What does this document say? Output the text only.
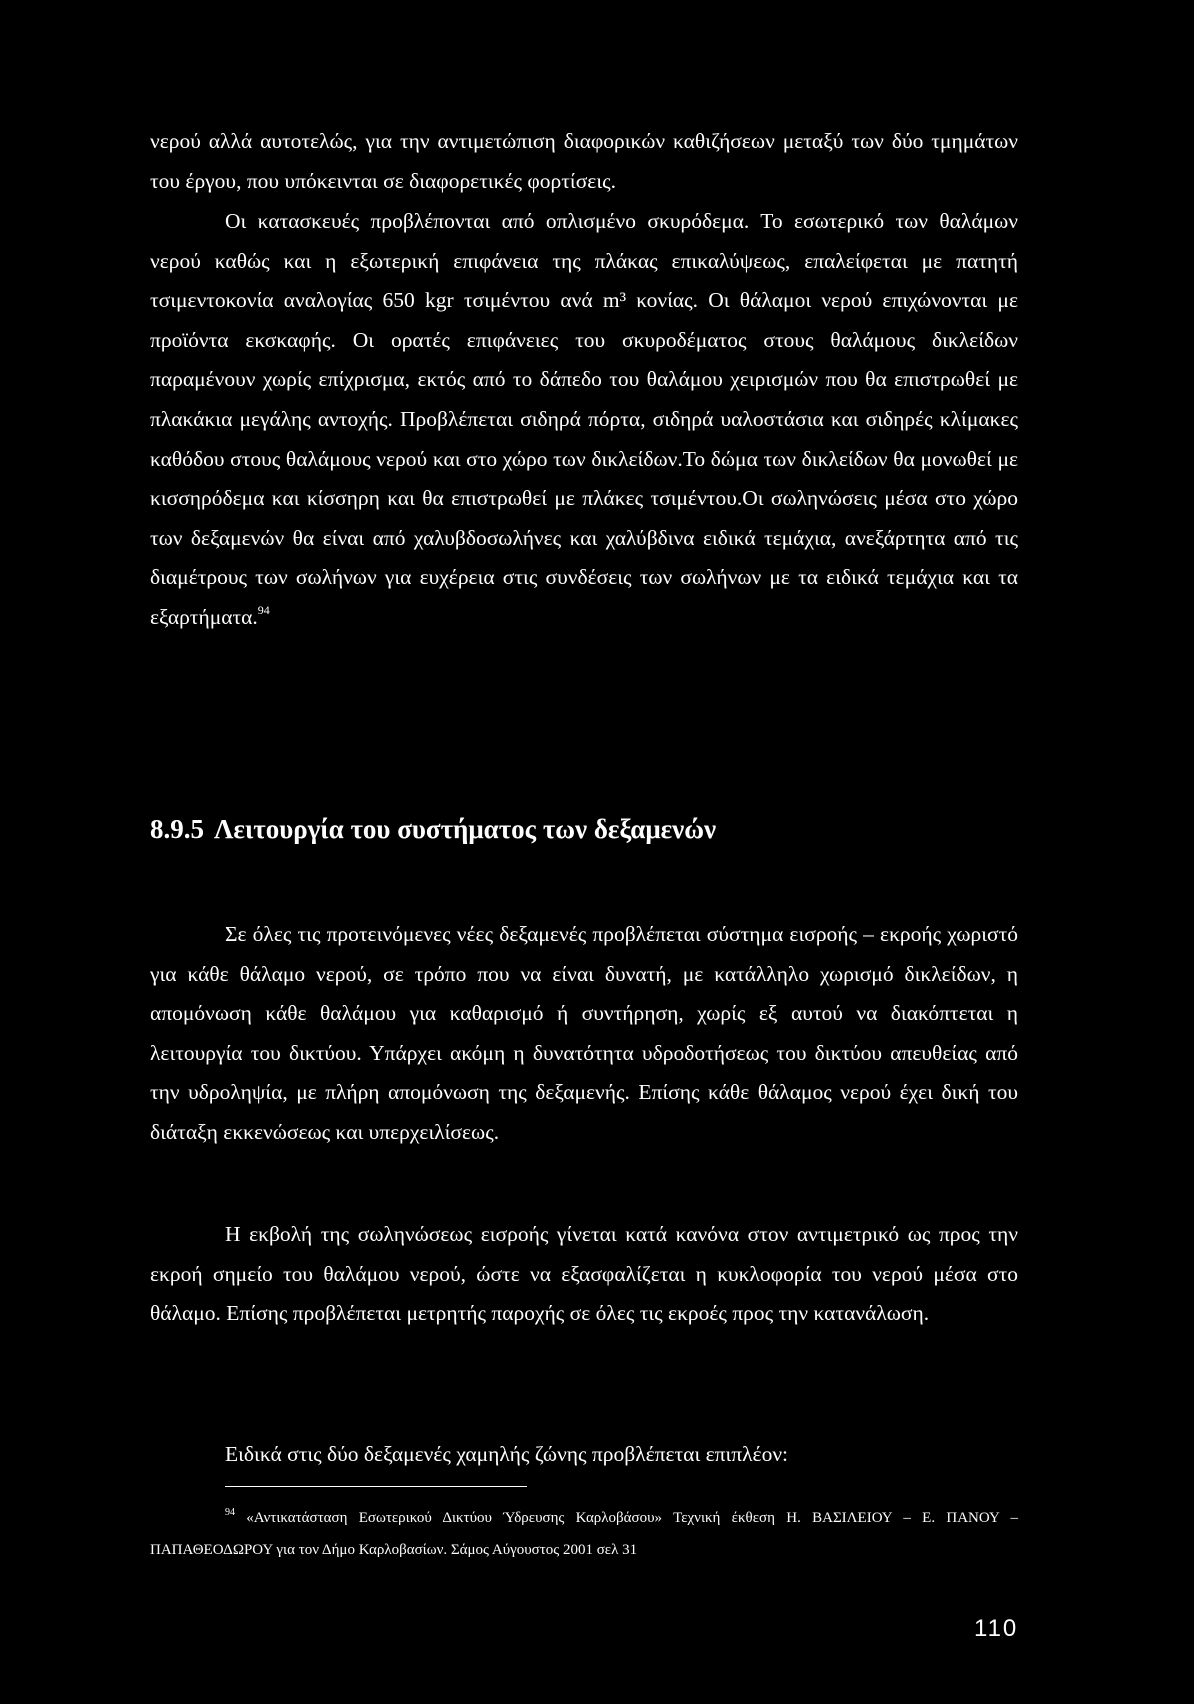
νερού αλλά αυτοτελώς, για την αντιμετώπιση διαφορικών καθιζήσεων μεταξύ των δύο τμημάτων του έργου, που υπόκεινται σε διαφορετικές φορτίσεις.

Οι κατασκευές προβλέπονται από οπλισμένο σκυρόδεμα. Το εσωτερικό των θαλάμων νερού καθώς και η εξωτερική επιφάνεια της πλάκας επικαλύψεως, επαλείφεται με πατητή τσιμεντοκονία αναλογίας 650 kgr τσιμέντου ανά m³ κονίας. Οι θάλαμοι νερού επιχώνονται με προϊόντα εκσκαφής. Οι ορατές επιφάνειες του σκυροδέματος στους θαλάμους δικλείδων παραμένουν χωρίς επίχρισμα, εκτός από το δάπεδο του θαλάμου χειρισμών που θα επιστρωθεί με πλακάκια μεγάλης αντοχής. Προβλέπεται σιδηρά πόρτα, σιδηρά υαλοστάσια και σιδηρές κλίμακες καθόδου στους θαλάμους νερού και στο χώρο των δικλείδων.Το δώμα των δικλείδων θα μονωθεί με κισσηρόδεμα και κίσσηρη και θα επιστρωθεί με πλάκες τσιμέντου.Οι σωληνώσεις μέσα στο χώρο των δεξαμενών θα είναι από χαλυβδοσωλήνες και χαλύβδινα ειδικά τεμάχια, ανεξάρτητα από τις διαμέτρους των σωλήνων για ευχέρεια στις συνδέσεις των σωλήνων με τα ειδικά τεμάχια και τα εξαρτήματα.$^{94}$

8.9.5 Λειτουργία του συστήματος των δεξαμενών

Σε όλες τις προτεινόμενες νέες δεξαμενές προβλέπεται σύστημα εισροής – εκροής χωριστό για κάθε θάλαμο νερού, σε τρόπο που να είναι δυνατή, με κατάλληλο χωρισμό δικλείδων, η απομόνωση κάθε θαλάμου για καθαρισμό ή συντήρηση, χωρίς εξ αυτού να διακόπτεται η λειτουργία του δικτύου. Υπάρχει ακόμη η δυνατότητα υδροδοτήσεως του δικτύου απευθείας από την υδροληψία, με πλήρη απομόνωση της δεξαμενής. Επίσης κάθε θάλαμος νερού έχει δική του διάταξη εκκενώσεως και υπερχειλίσεως.

Η εκβολή της σωληνώσεως εισροής γίνεται κατά κανόνα στον αντιμετρικό ως προς την εκροή σημείο του θαλάμου νερού, ώστε να εξασφαλίζεται η κυκλοφορία του νερού μέσα στο θάλαμο. Επίσης προβλέπεται μετρητής παροχής σε όλες τις εκροές προς την κατανάλωση.

Ειδικά στις δύο δεξαμενές χαμηλής ζώνης προβλέπεται επιπλέον:

$^{94}$ «Αντικατάσταση Εσωτερικού Δικτύου Ύδρευσης Καρλοβάσου» Τεχνική έκθεση Η. ΒΑΣΙΛΕΙΟΥ – Ε. ΠΑΝΟΥ – ΠΑΠΑΘΕΟΔΩΡΟΥ για τον Δήμο Καρλοβασίων. Σάμος Αύγουστος 2001 σελ 31

110
